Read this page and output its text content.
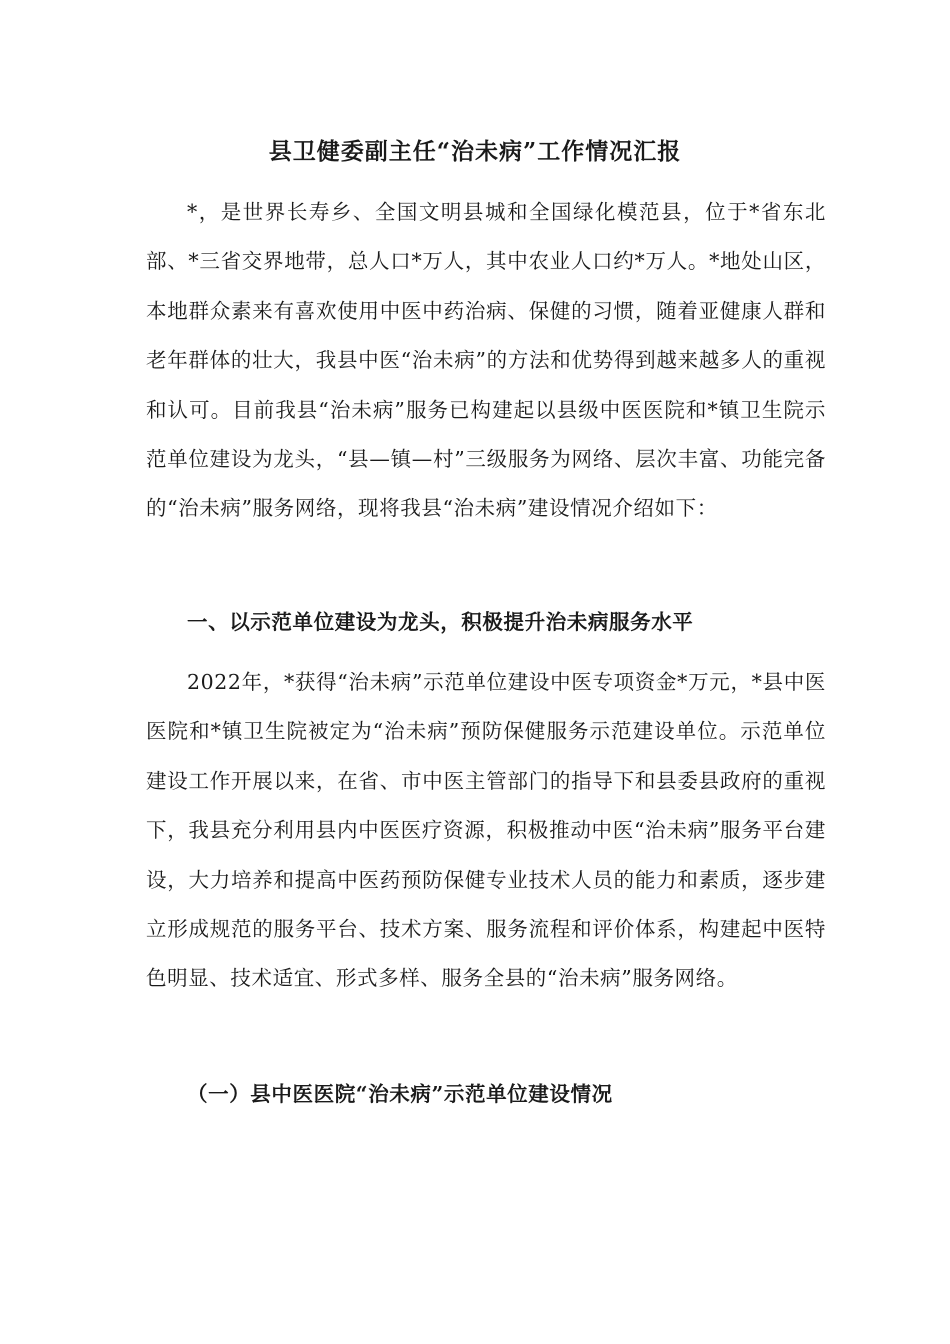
县卫健委副主任“治未病”工作情况汇报
*，是世界长寿乡、全国文明县城和全国绿化模范县，位于*省东北部、*三省交界地带，总人口*万人，其中农业人口约*万人。*地处山区，本地群众素来有喜欢使用中医中药治病、保健的习惯，随着亚健康人群和老年群体的壮大，我县中医“治未病”的方法和优势得到越来越多人的重视和认可。目前我县“治未病”服务已构建起以县级中医医院和*镇卫生院示范单位建设为龙头，“县—镇—村”三级服务为网络、层次丰富、功能完备的“治未病”服务网络，现将我县“治未病”建设情况介绍如下：
一、以示范单位建设为龙头，积极提升治未病服务水平
2022年，*获得“治未病”示范单位建设中医专项资金*万元，*县中医医院和*镇卫生院被定为“治未病”预防保健服务示范建设单位。示范单位建设工作开展以来，在省、市中医主管部门的指导下和县委县政府的重视下，我县充分利用县内中医医疗资源，积极推动中医“治未病”服务平台建设，大力培养和提高中医药预防保健专业技术人员的能力和素质，逐步建立形成规范的服务平台、技术方案、服务流程和评价体系，构建起中医特色明显、技术适宜、形式多样、服务全县的“治未病”服务网络。
（一）县中医医院“治未病”示范单位建设情况
